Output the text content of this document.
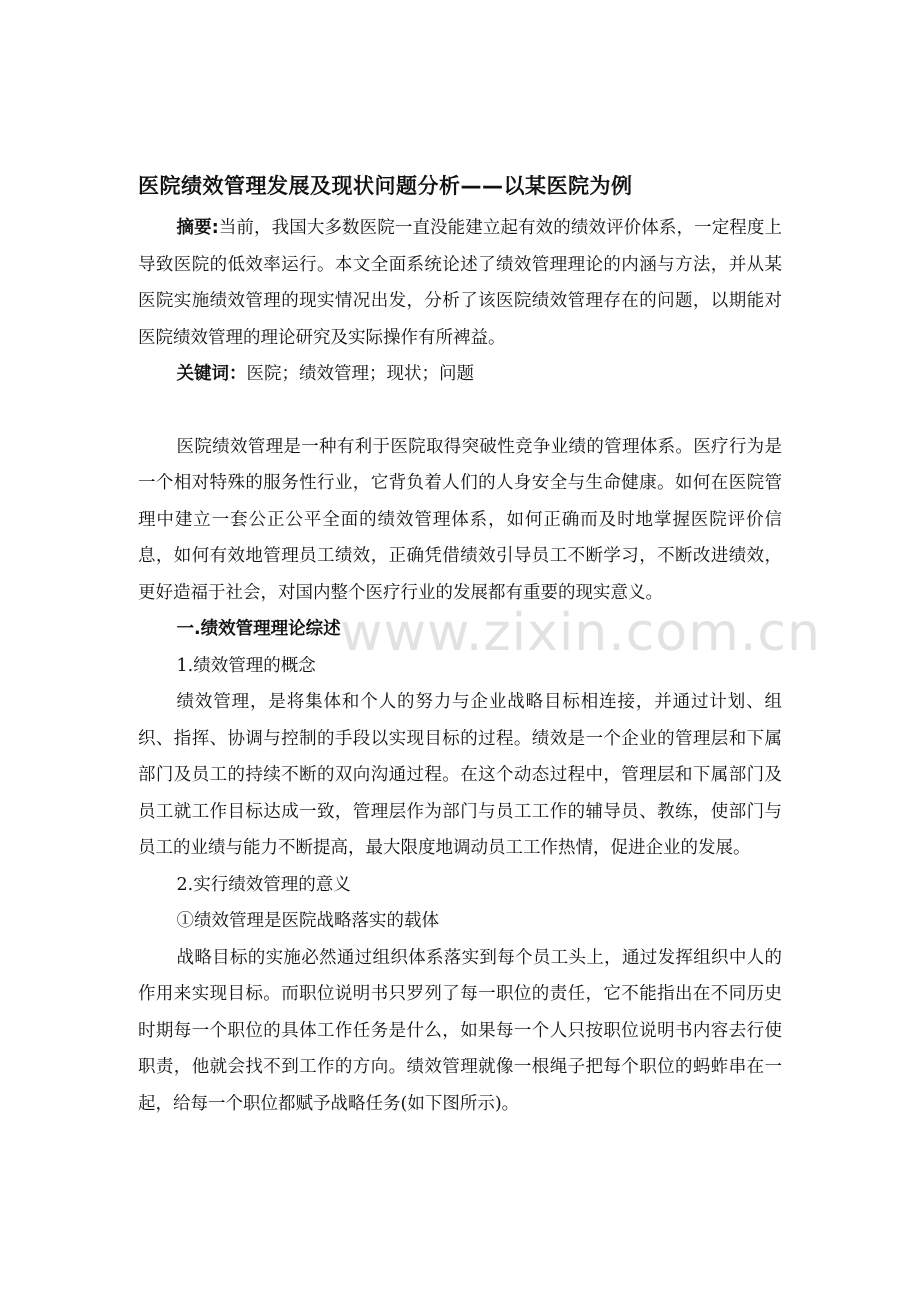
医院绩效管理发展及现状问题分析——以某医院为例

摘要:当前，我国大多数医院一直没能建立起有效的绩效评价体系，一定程度上导致医院的低效率运行。本文全面系统论述了绩效管理理论的内涵与方法，并从某医院实施绩效管理的现实情况出发，分析了该医院绩效管理存在的问题，以期能对医院绩效管理的理论研究及实际操作有所裨益。

关键词：医院；绩效管理；现状；问题

医院绩效管理是一种有利于医院取得突破性竞争业绩的管理体系。医疗行为是一个相对特殊的服务性行业，它背负着人们的人身安全与生命健康。如何在医院管理中建立一套公正公平全面的绩效管理体系，如何正确而及时地掌握医院评价信息，如何有效地管理员工绩效，正确凭借绩效引导员工不断学习，不断改进绩效，更好造福于社会，对国内整个医疗行业的发展都有重要的现实意义。

一.绩效管理理论综述

1.绩效管理的概念

绩效管理，是将集体和个人的努力与企业战略目标相连接，并通过计划、组织、指挥、协调与控制的手段以实现目标的过程。绩效是一个企业的管理层和下属部门及员工的持续不断的双向沟通过程。在这个动态过程中，管理层和下属部门及员工就工作目标达成一致，管理层作为部门与员工工作的辅导员、教练，使部门与员工的业绩与能力不断提高，最大限度地调动员工工作热情，促进企业的发展。

2.实行绩效管理的意义

①绩效管理是医院战略落实的载体

战略目标的实施必然通过组织体系落实到每个员工头上，通过发挥组织中人的作用来实现目标。而职位说明书只罗列了每一职位的责任，它不能指出在不同历史时期每一个职位的具体工作任务是什么，如果每一个人只按职位说明书内容去行使职责，他就会找不到工作的方向。绩效管理就像一根绳子把每个职位的蚂蚱串在一起，给每一个职位都赋予战略任务(如下图所示)。

www.zixin.com.cn
